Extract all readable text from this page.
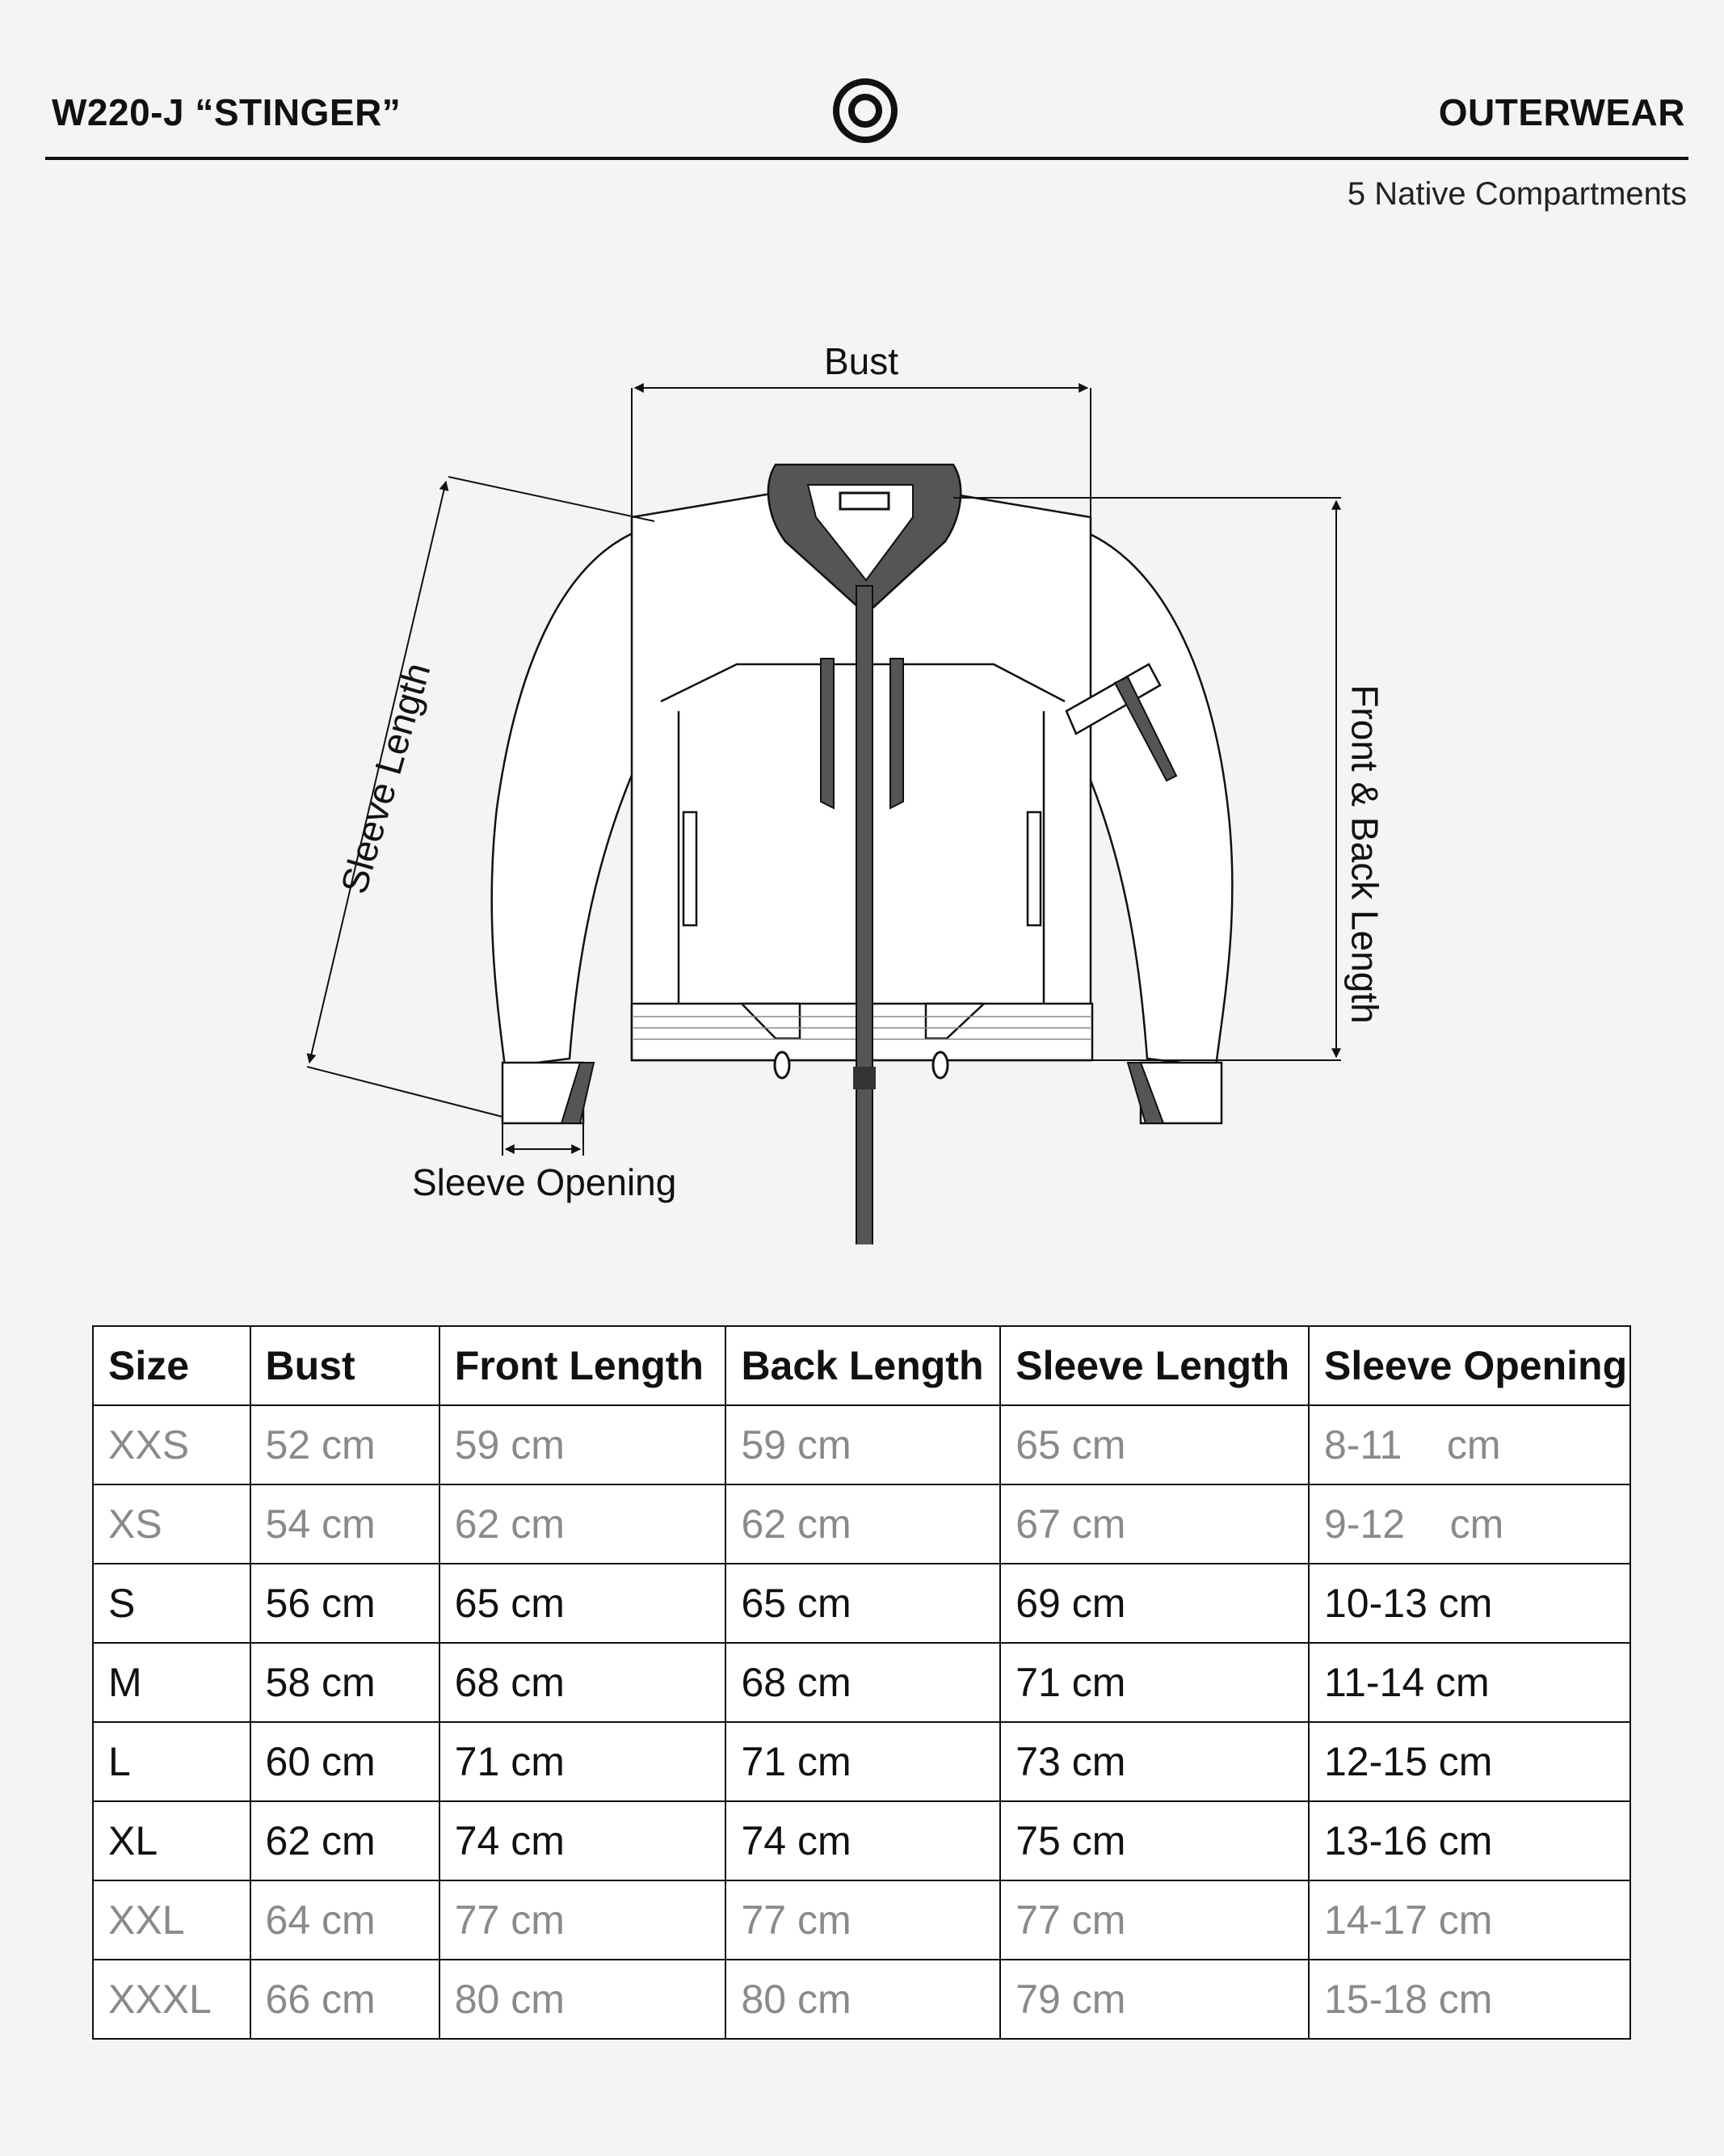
W220-J “STINGER”	OUTERWEAR
5 Native Compartments
Bust
Sleeve Length	Front & Back Length
Sleeve Opening
Size	Bust	Front Length	Back Length	Sleeve Length	Sleeve Opening
XXS	52 cm	59 cm	59 cm	65 cm	8-11    cm
XS	54 cm	62 cm	62 cm	67 cm	9-12    cm
S	56 cm	65 cm	65 cm	69 cm	10-13 cm
M	58 cm	68 cm	68 cm	71 cm	11-14 cm
L	60 cm	71 cm	71 cm	73 cm	12-15 cm
XL	62 cm	74 cm	74 cm	75 cm	13-16 cm
XXL	64 cm	77 cm	77 cm	77 cm	14-17 cm
XXXL	66 cm	80 cm	80 cm	79 cm	15-18 cm
